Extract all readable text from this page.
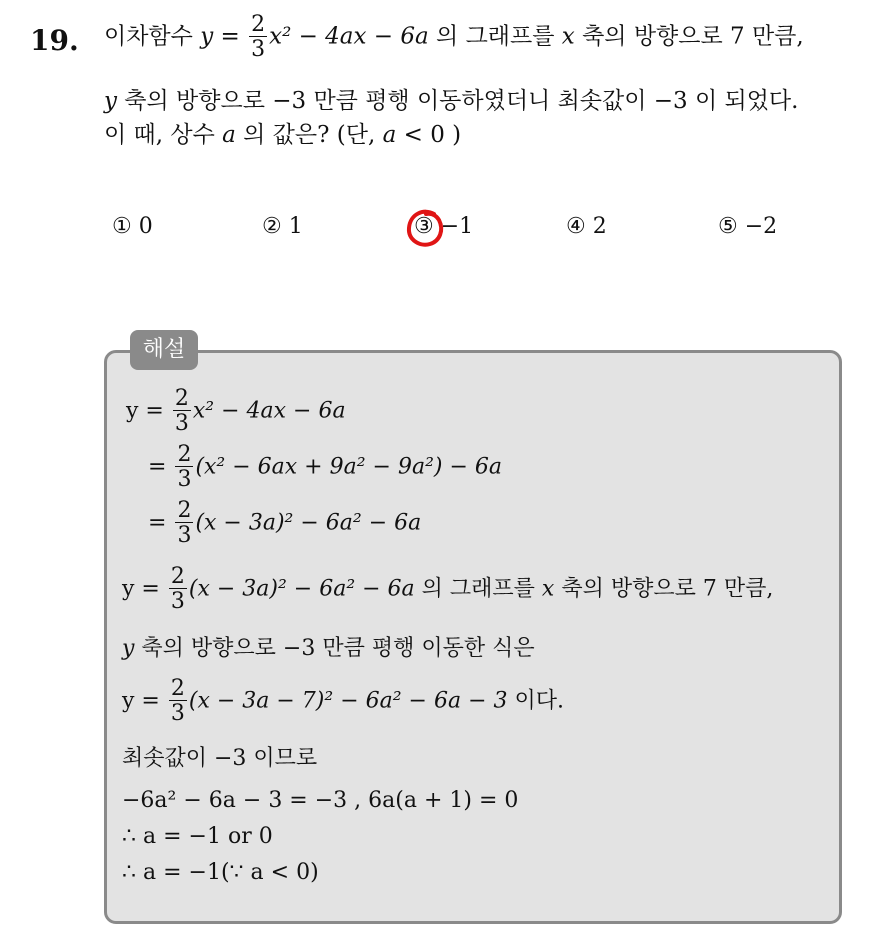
19. 이차함수 $y = \frac{2}{3} x^2 - 4ax - 6a$ 의 그래프를 x 축의 방향으로 7 만큼,
y 축의 방향으로 −3 만큼 평행 이동하였더니 최솟값이 −3 이 되었다.
이 때, 상수 a 의 값은? (단, a < 0 )
① 0	② 1	③ −1	④ 2	⑤ −2
해설
$y = \frac{2}{3} x^2 - 4ax - 6a$
= $\frac{2}{3} (x^2 - 6ax + 9a^2 - 9a^2) - 6a$
= $\frac{2}{3} (x - 3a)^2 - 6a^2 - 6a$
$y = \frac{2}{3} (x - 3a)^2 - 6a^2 - 6a$ 의 그래프를 x 축의 방향으로 7 만큼,
y 축의 방향으로 −3 만큼 평행 이동한 식은
$y = \frac{2}{3} (x - 3a - 7)^2 - 6a^2 - 6a - 3$ 이다.
최솟값이 −3 이므로
−6a² − 6a − 3 = −3 , 6a(a + 1) = 0
∴ a = −1 or 0
∴ a = −1(∵ a < 0)
